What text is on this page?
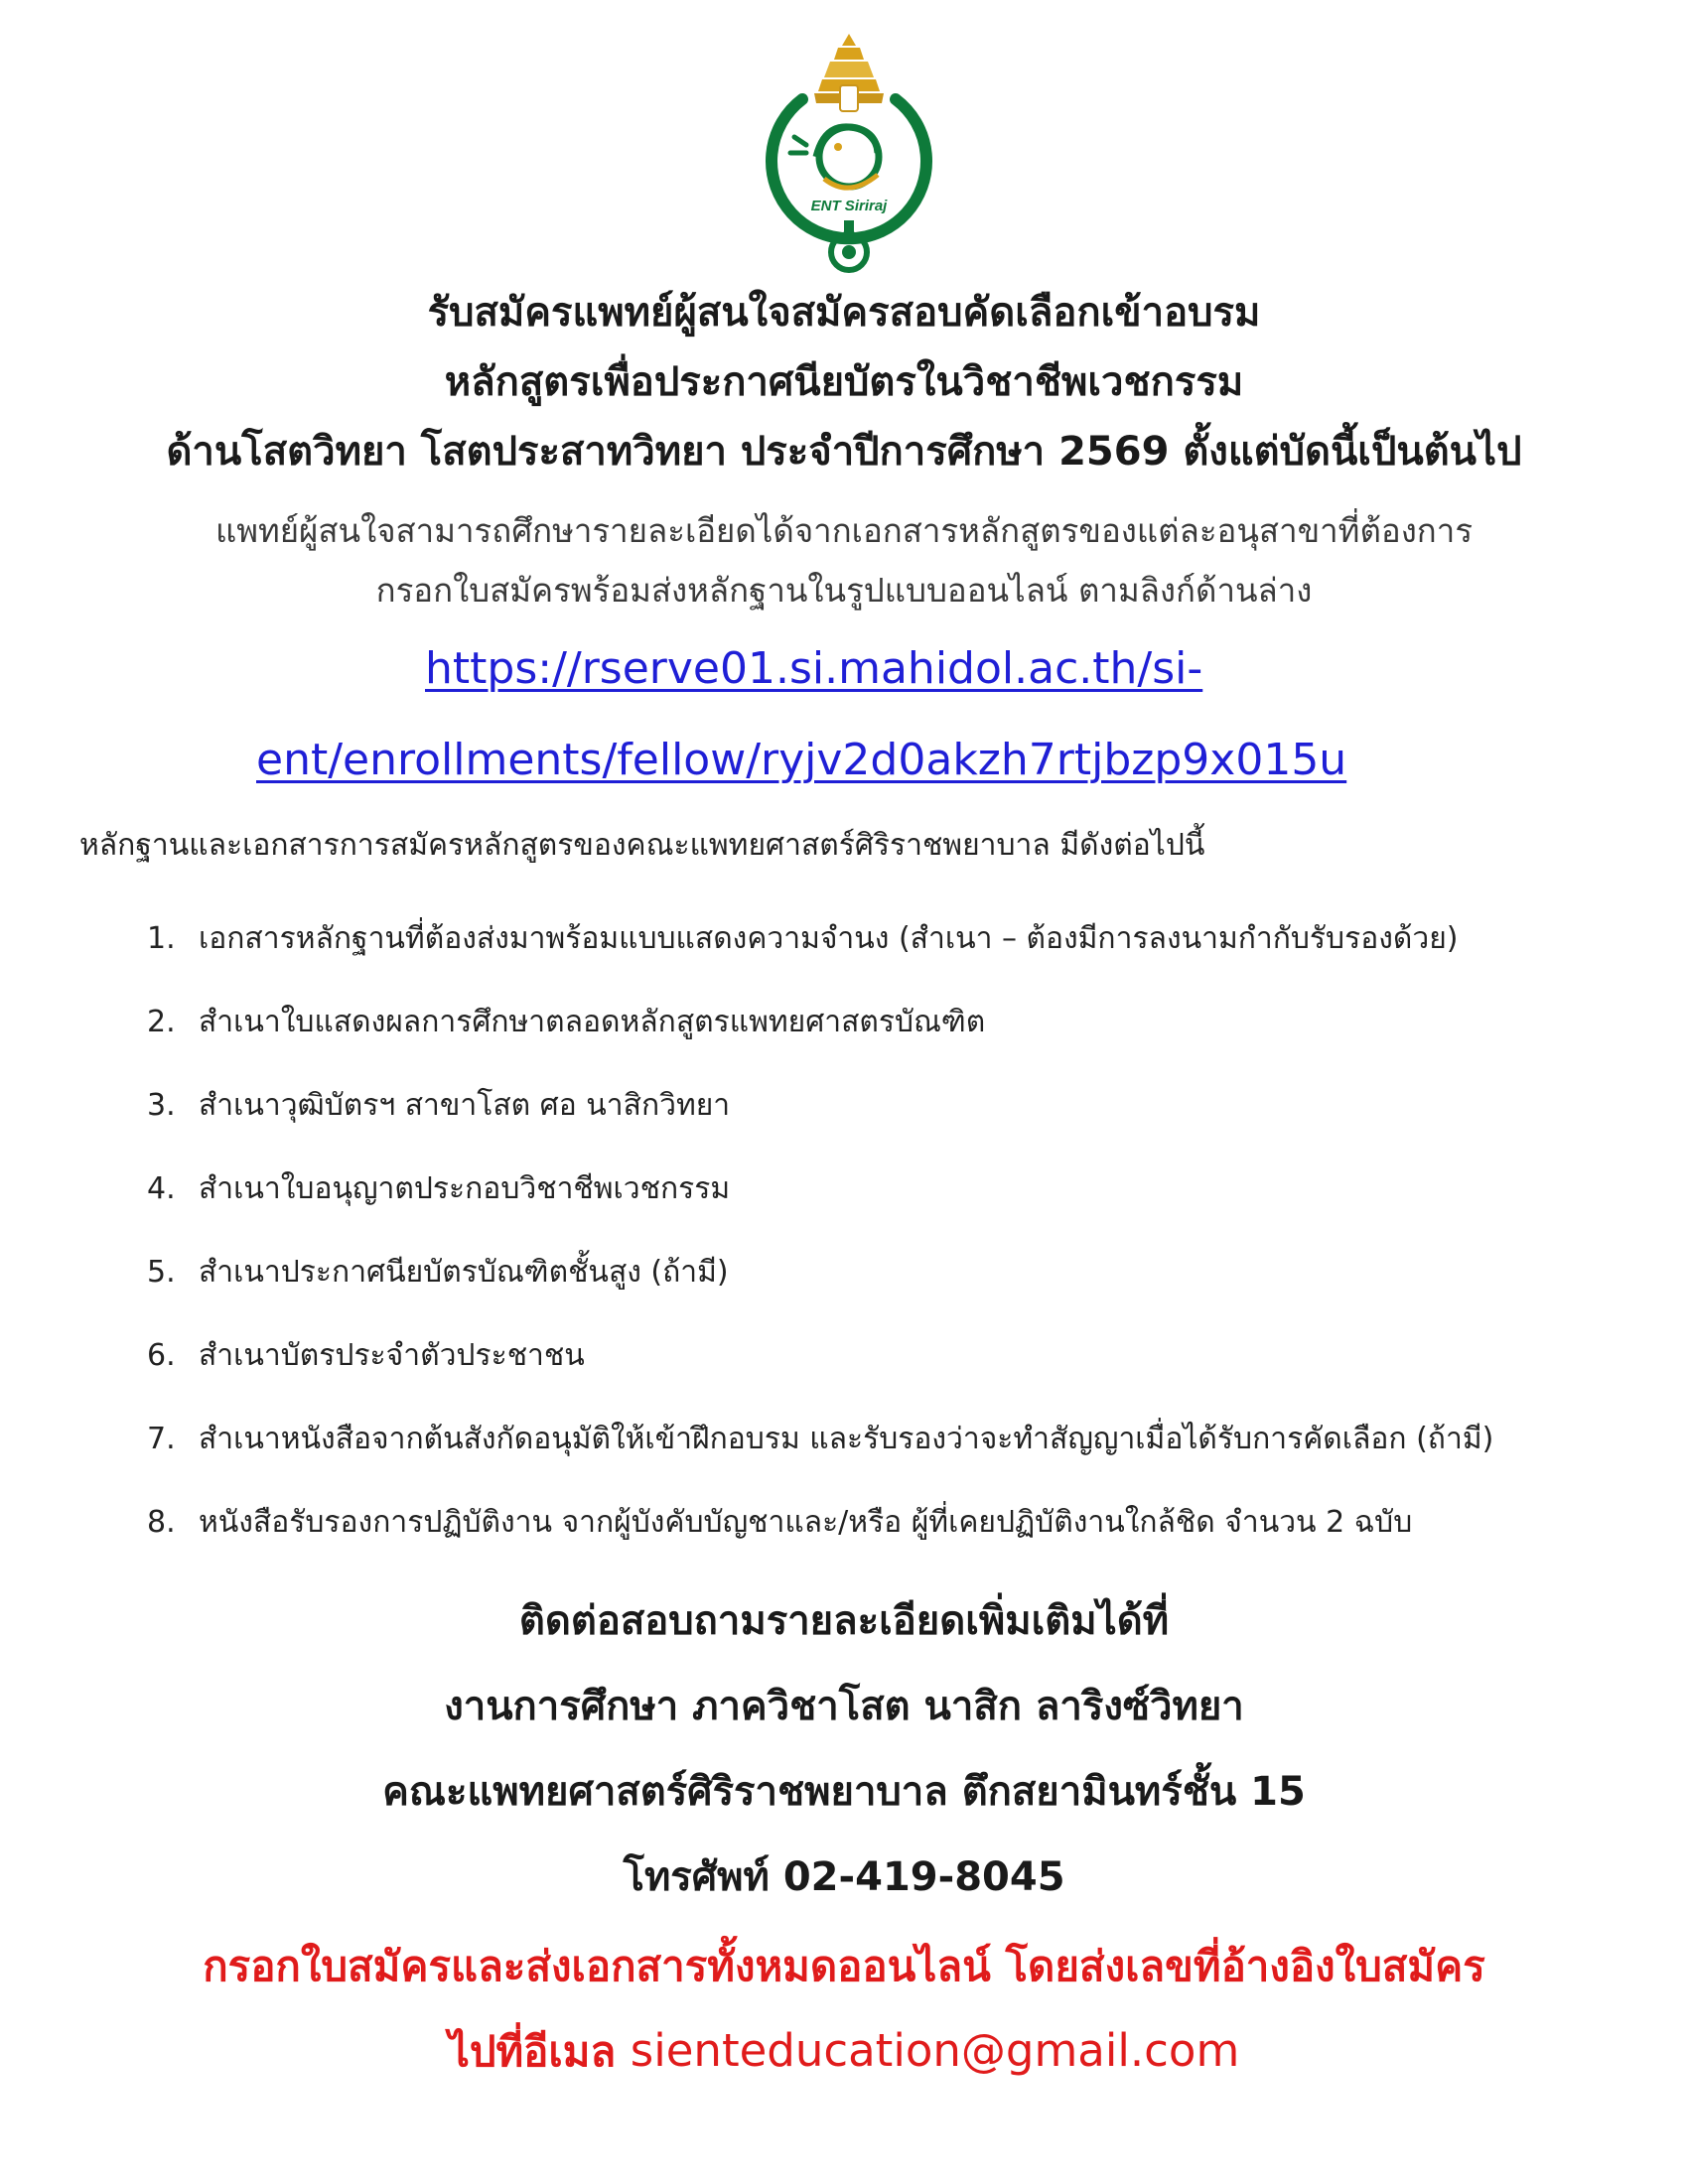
ENT Siriraj
รับสมัครแพทย์ผู้สนใจสมัครสอบคัดเลือกเข้าอบรม
หลักสูตรเพื่อประกาศนียบัตรในวิชาชีพเวชกรรม
ด้านโสตวิทยา โสตประสาทวิทยา ประจำปีการศึกษา 2569 ตั้งแต่บัดนี้เป็นต้นไป
แพทย์ผู้สนใจสามารถศึกษารายละเอียดได้จากเอกสารหลักสูตรของแต่ละอนุสาขาที่ต้องการ
กรอกใบสมัครพร้อมส่งหลักฐานในรูปแบบออนไลน์ ตามลิงก์ด้านล่าง
https://rserve01.si.mahidol.ac.th/si-
ent/enrollments/fellow/ryjv2d0akzh7rtjbzp9x015u
หลักฐานและเอกสารการสมัครหลักสูตรของคณะแพทยศาสตร์ศิริราชพยาบาล มีดังต่อไปนี้
1. เอกสารหลักฐานที่ต้องส่งมาพร้อมแบบแสดงความจำนง (สำเนา – ต้องมีการลงนามกำกับรับรองด้วย)
2. สำเนาใบแสดงผลการศึกษาตลอดหลักสูตรแพทยศาสตรบัณฑิต
3. สำเนาวุฒิบัตรฯ สาขาโสต ศอ นาสิกวิทยา
4. สำเนาใบอนุญาตประกอบวิชาชีพเวชกรรม
5. สำเนาประกาศนียบัตรบัณฑิตชั้นสูง (ถ้ามี)
6. สำเนาบัตรประจำตัวประชาชน
7. สำเนาหนังสือจากต้นสังกัดอนุมัติให้เข้าฝึกอบรม และรับรองว่าจะทำสัญญาเมื่อได้รับการคัดเลือก (ถ้ามี)
8. หนังสือรับรองการปฏิบัติงาน จากผู้บังคับบัญชาและ/หรือ ผู้ที่เคยปฏิบัติงานใกล้ชิด จำนวน 2 ฉบับ
ติดต่อสอบถามรายละเอียดเพิ่มเติมได้ที่
งานการศึกษา ภาควิชาโสต นาสิก ลาริงซ์วิทยา
คณะแพทยศาสตร์ศิริราชพยาบาล ตึกสยามินทร์ชั้น 15
โทรศัพท์ 02-419-8045
กรอกใบสมัครและส่งเอกสารทั้งหมดออนไลน์ โดยส่งเลขที่อ้างอิงใบสมัคร
ไปที่อีเมล sienteducation@gmail.com
